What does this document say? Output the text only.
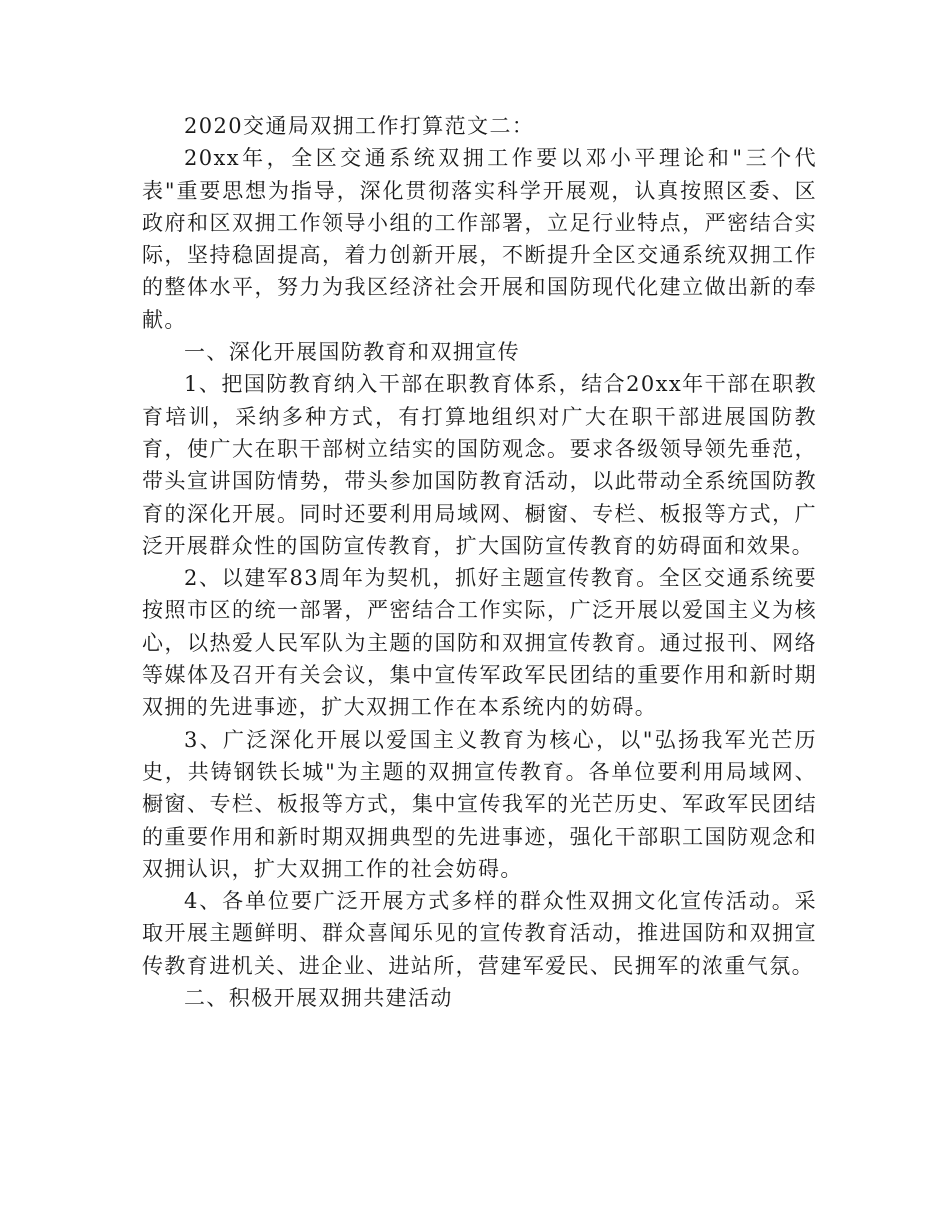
2020交通局双拥工作打算范文二：

20xx年，全区交通系统双拥工作要以邓小平理论和"三个代表"重要思想为指导，深化贯彻落实科学开展观，认真按照区委、区政府和区双拥工作领导小组的工作部署，立足行业特点，严密结合实际，坚持稳固提高，着力创新开展，不断提升全区交通系统双拥工作的整体水平，努力为我区经济社会开展和国防现代化建立做出新的奉献。

一、深化开展国防教育和双拥宣传

1、把国防教育纳入干部在职教育体系，结合20xx年干部在职教育培训，采纳多种方式，有打算地组织对广大在职干部进展国防教育，使广大在职干部树立结实的国防观念。要求各级领导领先垂范，带头宣讲国防情势，带头参加国防教育活动，以此带动全系统国防教育的深化开展。同时还要利用局域网、橱窗、专栏、板报等方式，广泛开展群众性的国防宣传教育，扩大国防宣传教育的妨碍面和效果。

2、以建军83周年为契机，抓好主题宣传教育。全区交通系统要按照市区的统一部署，严密结合工作实际，广泛开展以爱国主义为核心，以热爱人民军队为主题的国防和双拥宣传教育。通过报刊、网络等媒体及召开有关会议，集中宣传军政军民团结的重要作用和新时期双拥的先进事迹，扩大双拥工作在本系统内的妨碍。

3、广泛深化开展以爱国主义教育为核心，以"弘扬我军光芒历史，共铸钢铁长城"为主题的双拥宣传教育。各单位要利用局域网、橱窗、专栏、板报等方式，集中宣传我军的光芒历史、军政军民团结的重要作用和新时期双拥典型的先进事迹，强化干部职工国防观念和双拥认识，扩大双拥工作的社会妨碍。

4、各单位要广泛开展方式多样的群众性双拥文化宣传活动。采取开展主题鲜明、群众喜闻乐见的宣传教育活动，推进国防和双拥宣传教育进机关、进企业、进站所，营建军爱民、民拥军的浓重气氛。

二、积极开展双拥共建活动
